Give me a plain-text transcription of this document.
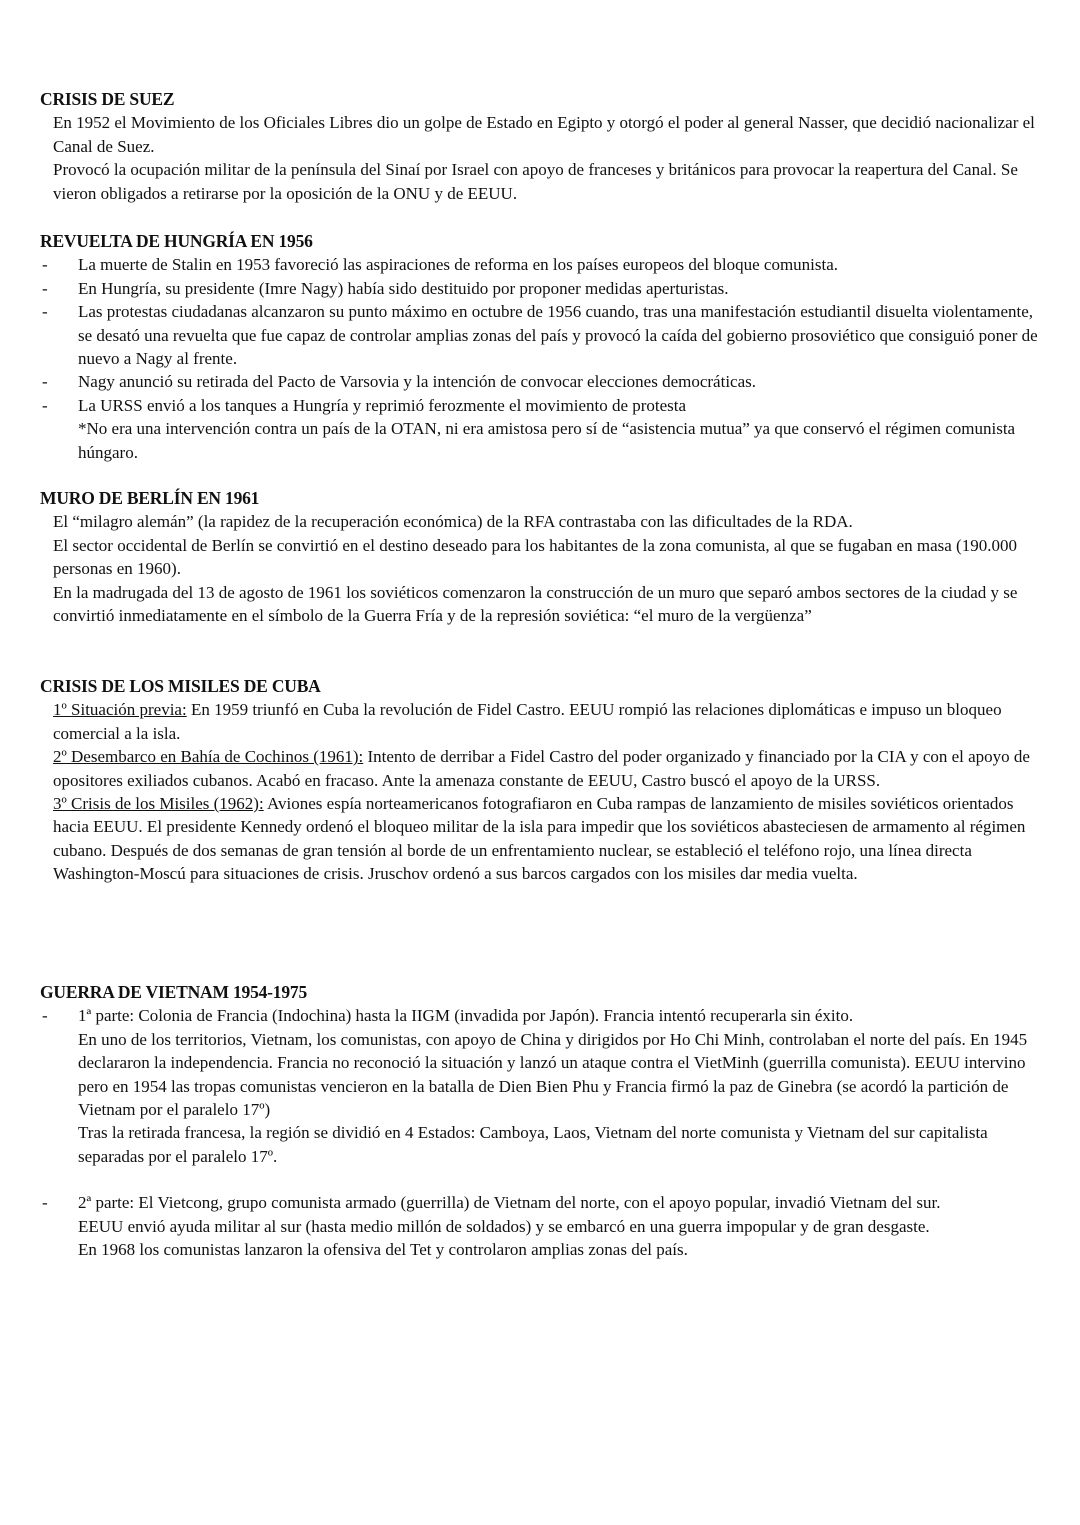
CRISIS DE SUEZ
En 1952 el Movimiento de los Oficiales Libres dio un golpe de Estado en Egipto y otorgó el poder al general Nasser, que decidió nacionalizar el Canal de Suez.
Provocó la ocupación militar de la península del Sinaí por Israel con apoyo de franceses y británicos para provocar la reapertura del Canal. Se vieron obligados a retirarse por la oposición de la ONU y de EEUU.
REVUELTA DE HUNGRÍA EN 1956
- La muerte de Stalin en 1953 favoreció las aspiraciones de reforma en los países europeos del bloque comunista.
- En Hungría, su presidente (Imre Nagy) había sido destituido por proponer medidas aperturistas.
- Las protestas ciudadanas alcanzaron su punto máximo en octubre de 1956 cuando, tras una manifestación estudiantil disuelta violentamente, se desató una revuelta que fue capaz de controlar amplias zonas del país y provocó la caída del gobierno prosoviético que consiguió poner de nuevo a Nagy al frente.
- Nagy anunció su retirada del Pacto de Varsovia y la intención de convocar elecciones democráticas.
- La URSS envió a los tanques a Hungría y reprimió ferozmente el movimiento de protesta
*No era una intervención contra un país de la OTAN, ni era amistosa pero sí de “asistencia mutua” ya que conservó el régimen comunista húngaro.
MURO DE BERLÍN EN 1961
El “milagro alemán” (la rapidez de la recuperación económica) de la RFA contrastaba con las dificultades de la RDA.
El sector occidental de Berlín se convirtió en el destino deseado para los habitantes de la zona comunista, al que se fugaban en masa (190.000 personas en 1960).
En la madrugada del 13 de agosto de 1961 los soviéticos comenzaron la construcción de un muro que separó ambos sectores de la ciudad y se convirtió inmediatamente en el símbolo de la Guerra Fría y de la represión soviética: “el muro de la vergüenza”
CRISIS DE LOS MISILES DE CUBA
1º Situación previa: En 1959 triunfó en Cuba la revolución de Fidel Castro. EEUU rompió las relaciones diplomáticas e impuso un bloqueo comercial a la isla.
2º Desembarco en Bahía de Cochinos (1961): Intento de derribar a Fidel Castro del poder organizado y financiado por la CIA y con el apoyo de opositores exiliados cubanos. Acabó en fracaso. Ante la amenaza constante de EEUU, Castro buscó el apoyo de la URSS.
3º Crisis de los Misiles (1962): Aviones espía norteamericanos fotografiaron en Cuba rampas de lanzamiento de misiles soviéticos orientados hacia EEUU. El presidente Kennedy ordenó el bloqueo militar de la isla para impedir que los soviéticos abasteciesen de armamento al régimen cubano. Después de dos semanas de gran tensión al borde de un enfrentamiento nuclear, se estableció el teléfono rojo, una línea directa Washington-Moscú para situaciones de crisis. Jruschov ordenó a sus barcos cargados con los misiles dar media vuelta.
GUERRA DE VIETNAM 1954-1975
- 1ª parte: Colonia de Francia (Indochina) hasta la IIGM (invadida por Japón). Francia intentó recuperarla sin éxito.
En uno de los territorios, Vietnam, los comunistas, con apoyo de China y dirigidos por Ho Chi Minh, controlaban el norte del país. En 1945 declararon la independencia. Francia no reconoció la situación y lanzó un ataque contra el VietMinh (guerrilla comunista). EEUU intervino pero en 1954 las tropas comunistas vencieron en la batalla de Dien Bien Phu y Francia firmó la paz de Ginebra (se acordó la partición de Vietnam por el paralelo 17º)
Tras la retirada francesa, la región se dividió en 4 Estados: Camboya, Laos, Vietnam del norte comunista y Vietnam del sur capitalista separadas por el paralelo 17º.
- 2ª parte: El Vietcong, grupo comunista armado (guerrilla) de Vietnam del norte, con el apoyo popular, invadió Vietnam del sur.
EEUU envió ayuda militar al sur (hasta medio millón de soldados) y se embarcó en una guerra impopular y de gran desgaste.
En 1968 los comunistas lanzaron la ofensiva del Tet y controlaron amplias zonas del país.
